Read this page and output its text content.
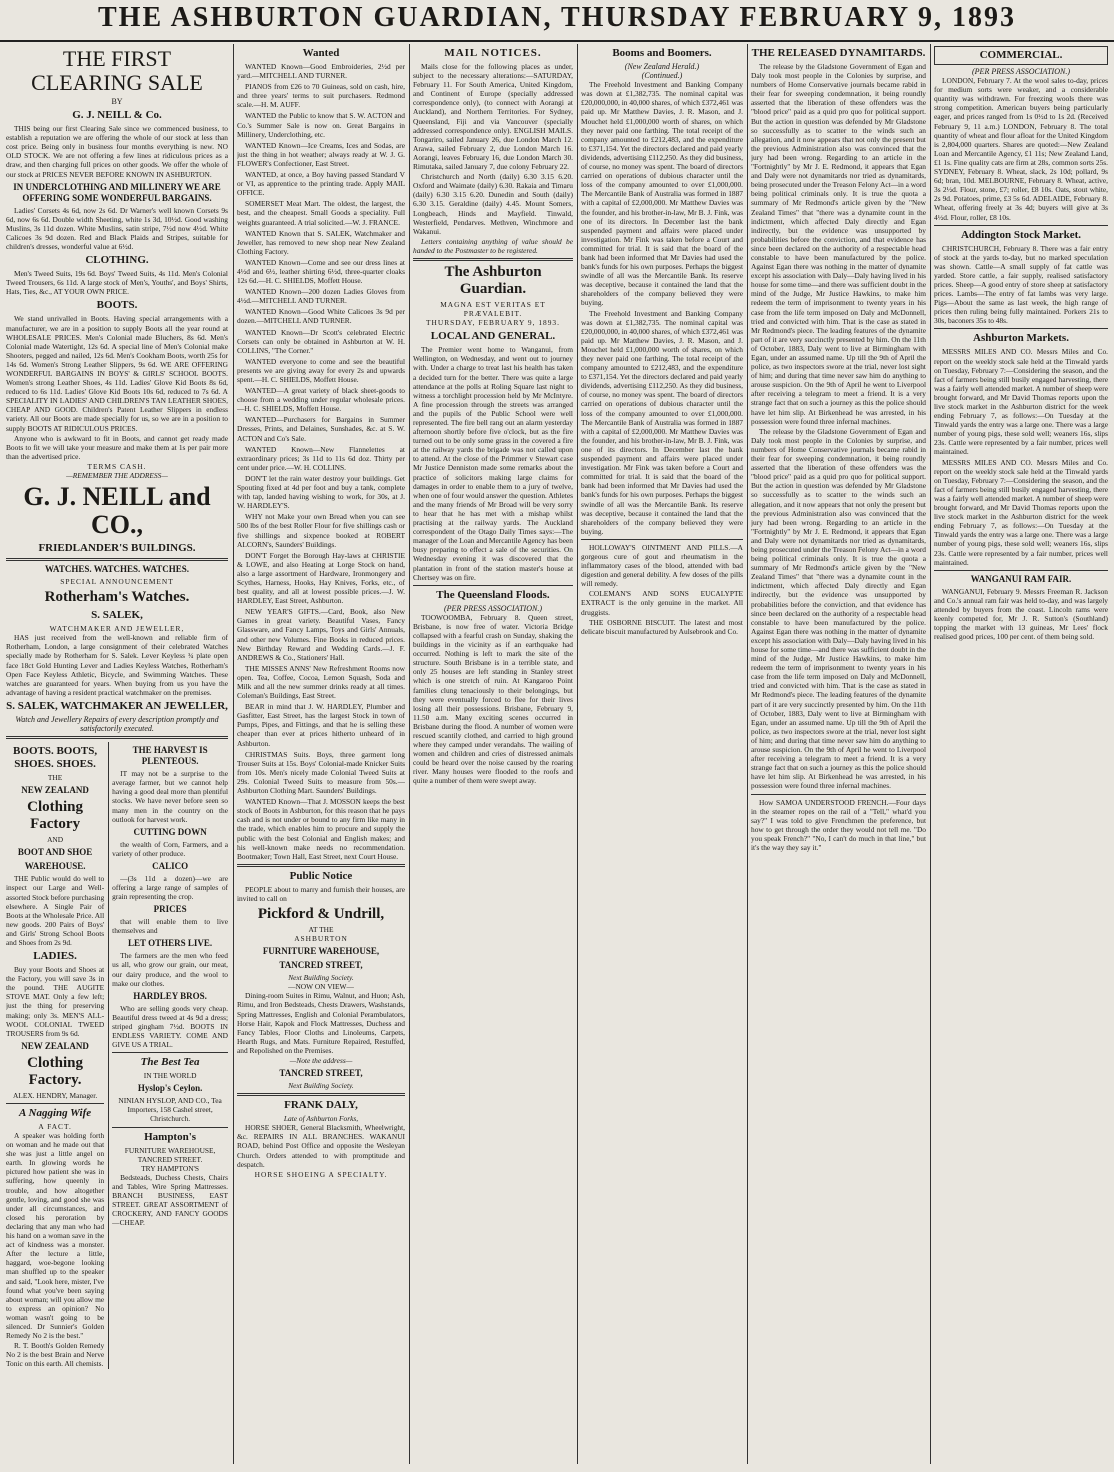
THE ASHBURTON GUARDIAN, THURSDAY FEBRUARY 9, 1893
THE FIRST CLEARING SALE
BY
G. J. NEILL & Co.

THIS being our first Clearing Sale since we commenced business, to establish a reputation we are offering the whole of our stock at less than cost price. Being only in business four months everything is new. NO OLD STOCK. We are not offering a few lines at ridiculous prices as a draw, and then charging full prices on other goods. We offer the whole of our stock at PRICES NEVER BEFORE KNOWN IN ASHBURTON.

IN UNDERCLOTHING AND MILLINERY WE ARE OFFERING SOME WONDERFUL BARGAINS.

Ladies' Corsets 4s 6d, now 2s 6d. Dr Warner's well known Corsets 9s 6d, now 6s 6d. Double width Sheeting, white 1s 3d, 10½d. Good washing Muslins, 3s 11d dozen. White Muslins, satin stripe, 7½d now 4½d. White Calicoes 3s 9d dozen. Red and Black Plaids and Stripes, suitable for children's dresses, wonderful value at 6½d.

CLOTHING.

Men's Tweed Suits, 19s 6d. Boys' Tweed Suits, 4s 11d. Men's Colonial Tweed Trousers, 6s 11d. A large stock of Men's, Youths', and Boys' Shirts, Hats, Ties, &c., AT YOUR OWN PRICE.

BOOTS.

We stand unrivalled in Boots. Having special arrangements with a manufacturer, we are in a position to supply Boots all the year round at WHOLESALE PRICES. Men's Colonial made Bluchers, 8s 6d. Men's Colonial made Watertight, 12s 6d. A special line of Men's Colonial make Shooters, pegged and nailed, 12s 6d. Men's Cookham Boots, worth 25s for 14s 6d. Women's Strong Leather Slippers, 9s 6d. WE ARE OFFERING WONDERFUL BARGAINS IN BOYS' & GIRLS' SCHOOL BOOTS. Women's strong Leather Shoes, 4s 11d. Ladies' Glove Kid Boots 8s 6d, reduced to 6s 11d. Ladies' Glove Kid Boots 10s 6d, reduced to 7s 6d. A SPECIALITY IN LADIES' AND CHILDREN'S TAN LEATHER SHOES, CHEAP AND GOOD. Children's Patent Leather Slippers in endless variety. All our Boots are made specially for us, so we are in a position to supply BOOTS AT RIDICULOUS PRICES.

Anyone who is awkward to fit in Boots, and cannot get ready made Boots to fit we will take your measure and make them at 1s per pair more than the advertised price.

TERMS CASH.
—REMEMBER THE ADDRESS—
G. J. NEILL and CO.,
FRIEDLANDER'S BUILDINGS.
WATCHES. WATCHES. WATCHES.
SPECIAL ANNOUNCEMENT
Rotherham's Watches.
S. SALEK,
WATCHMAKER AND JEWELLER,

HAS just received from the well-known and reliable firm of Rotherham, London, a large consignment of their celebrated Watches specially made by Rotherham for S. Salek. Lever Keyless ¾ plate open face 18ct Gold Hunting Lever and Ladies Keyless Watches, Rotherham's Open Face Keyless Athletic, Bicycle, and Swimming Watches. These watches are guaranteed for years. When buying from us you have the advantage of having a resident practical watchmaker on the premises.

S. SALEK, WATCHMAKER AN JEWELLER,
Watch and Jewellery Repairs of every description promptly and satisfactorily executed.
BOOTS. BOOTS, SHOES. SHOES.
THE
NEW ZEALAND
Clothing Factory
AND
BOOT AND SHOE
WAREHOUSE.

THE Public would do well to inspect our Large and Well-assorted Stock before purchasing elsewhere. A Single Pair of Boots at the Wholesale Price. All new goods. 200 Pairs of Boys' and Girls' Strong School Boots and Shoes from 2s 9d.

LADIES.

Buy your Boots and Shoes at the Factory, you will save 3s in the pound. THE AUGITE STOVE MAT. Only a few left; just the thing for preserving making; only 3s. MEN'S ALL-WOOL COLONIAL TWEED TROUSERS from 9s 6d.

NEW ZEALAND
Clothing Factory.
ALEX. HENDRY, Manager.
A Nagging Wife
A FACT.

A speaker was holding forth on woman and he made out that she was just a little angel on earth. In glowing words he pictured how patient she was in suffering, how queenly in trouble, and how altogether gentle, loving, and good she was under all circumstances, and closed his peroration by declaring that any man who had his hand on a woman save in the act of kindness was a monster. After the lecture a little, haggard, woe-begone looking man shuffled up to the speaker and said, "Look here, mister, I've found what you've been saying about woman; will you allow me to express an opinion? No woman wasn't going to be silenced. Dr Sunnier's Golden Remedy No 2 is the best."

R. T. Booth's Golden Remedy No 2 is the best Brain and Nerve Tonic on this earth. All chemists.

THE HARVEST IS PLENTEOUS.

IT may not be a surprise to the average farmer, but we cannot help having a good deal more than plentiful stocks. We have never before seen so many men in the country on the outlook for harvest work.

CUTTING DOWN

the wealth of Corn, Farmers, and a variety of other produce.

CALICO

—(3s 11d a dozen)—we are offering a large range of samples of grain representing the crop.

PRICES

that will enable them to live themselves and

LET OTHERS LIVE.

The farmers are the men who feed us all, who grow our grain, our meat, our dairy produce, and the wool to make our clothes.

HARDLEY BROS.

Who are selling goods very cheap. Beautiful dress tweed at 4s 9d a dress; striped gingham 7½d. BOOTS IN ENDLESS VARIETY. COME AND GIVE US A TRIAL.

The Best Tea
IN THE WORLD
Hyslop's Ceylon.
NINIAN HYSLOP, AND CO., Tea Importers, 158 Cashel street, Christchurch.
Hampton's
FURNITURE WAREHOUSE, TANCRED STREET.
TRY HAMPTON'S

Bedsteads, Duchess Chests, Chairs and Tables, Wire Spring Mattresses. BRANCH BUSINESS, EAST STREET. GREAT ASSORTMENT of CROCKERY, AND FANCY GOODS—CHEAP.

Wanted

WANTED Known—Good Embroideries, 2½d per yard.—MITCHELL AND TURNER.

PIANOS from £26 to 70 Guineas, sold on cash, hire, and three years' terms to suit purchasers. Redmond scale.—H. M. AUFF.

WANTED the Public to know that S. W. ACTON and Co.'s Summer Sale is now on. Great Bargains in Millinery, Underclothing, etc.

WANTED Known—Ice Creams, Ices and Sodas, are just the thing in hot weather; always ready at W. J. G. FLOWER's Confectioner, East Street.

WANTED, at once, a Boy having passed Standard V or VI, as apprentice to the printing trade. Apply MAIL OFFICE.

SOMERSET Meat Mart. The oldest, the largest, the best, and the cheapest. Small Goods a speciality. Full weights guaranteed. A trial solicited.—W. J. FRANCE.

WANTED Known that S. SALEK, Watchmaker and Jeweller, has removed to new shop near New Zealand Clothing Factory.

WANTED Known—Come and see our dress lines at 4½d and 6½, leather shirting 6½d, three-quarter cloaks 12s 6d.—H. C. SHIELDS, Moffett House.

WANTED Known—200 dozen Ladies Gloves from 4½d.—MITCHELL AND TURNER.

WANTED Known—Good White Calicoes 3s 9d per dozen.—MITCHELL AND TURNER.

WANTED Known—Dr Scott's celebrated Electric Corsets can only be obtained in Ashburton at W. H. COLLINS, "The Corner."

WANTED everyone to come and see the beautiful presents we are giving away for every 2s and upwards spent.—H. C. SHIELDS, Moffett House.

WANTED—A great variety of black sheet-goods to choose from a wedding under regular wholesale prices.—H. C. SHIELDS, Moffett House.

WANTED—Purchasers for Bargains in Summer Dresses, Prints, and Delaines, Sunshades, &c. at S. W. ACTON and Co's Sale.

WANTED Known—New Flannelettes at extraordinary prices; 3s 11d to 11s 6d doz. Thirty per cent under price.—W. H. COLLINS.

DON'T let the rain water destroy your buildings. Get Spouting fixed at 4d per foot and buy a tank, complete with tap, landed having wishing to work, for 30s, at J. W. HARDLEY'S.

WHY not Make your own Bread when you can see 500 lbs of the best Roller Flour for five shillings cash or five shillings and sixpence booked at ROBERT ALCORN's, Saunders' Buildings.

DON'T Forget the Borough Hay-laws at CHRISTIE & LOWE, and also Heating at Lorge Stock on hand, also a large assortment of Hardware, Ironmongery and Scythes, Harness, Hooks, Hay Knives, Forks, etc., of best quality, and all at lowest possible prices.—J. W. HARDLEY, East Street, Ashburton.

NEW YEAR'S GIFTS.—Card, Book, also New Games in great variety. Beautiful Vases, Fancy Glassware, and Fancy Lamps, Toys and Girls' Annuals, and other new Volumes. Fine Books in reduced prices. New Birthday Reward and Wedding Cards.—J. F. ANDREWS & Co., Stationers' Hall.

THE MISSES ANNS' New Refreshment Rooms now open. Tea, Coffee, Cocoa, Lemon Squash, Soda and Milk and all the new summer drinks ready at all times. Coleman's Buildings, East Street.

BEAR in mind that J. W. HARDLEY, Plumber and Gasfitter, East Street, has the largest Stock in town of Pumps, Pipes, and Fittings, and that he is selling these cheaper than ever at prices hitherto unheard of in Ashburton.

CHRISTMAS Suits. Boys, three garment long Trouser Suits at 15s. Boys' Colonial-made Knicker Suits from 10s. Men's nicely made Colonial Tweed Suits at 29s. Colonial Tweed Suits to measure from 50s.—Ashburton Clothing Mart. Saunders' Buildings.

WANTED Known—That J. MOSSON keeps the best stock of Boots in Ashburton, for this reason that he pays cash and is not under or bound to any firm like many in the trade, which enables him to procure and supply the public with the best Colonial and English makes; and his well-known make needs no recommendation. Bootmaker; Town Hall, East Street, next Court House.

Public Notice

PEOPLE about to marry and furnish their houses, are invited to call on

Pickford & Undrill,
AT THE
ASHBURTON
FURNITURE WAREHOUSE,
TANCRED STREET,
Next Building Society.
—NOW ON VIEW—

Dining-room Suites in Rimu, Walnut, and Huon; Ash, Rimu, and Iron Bedsteads, Chests Drawers, Washstands, Spring Mattresses, English and Colonial Perambulators, Horse Hair, Kapok and Flock Mattresses, Duchess and Fancy Tables, Floor Cloths and Linoleums, Carpets, Hearth Rugs, and Mats. Furniture Repaired, Restuffed, and Repolished on the Premises.

—Note the address—
TANCRED STREET,
Next Building Society.
FRANK DALY,
Late of Ashburton Forks,

HORSE SHOER, General Blacksmith, Wheelwright, &c. REPAIRS IN ALL BRANCHES. WAKANUI ROAD, behind Post Office and opposite the Wesleyan Church. Orders attended to with promptitude and despatch.

HORSE SHOEING A SPECIALTY.
MAIL NOTICES.

Mails close for the following places as under, subject to the necessary alterations:—SATURDAY, February 11. For South America, United Kingdom, and Continent of Europe (specially addressed correspondence only), (to connect with Aorangi at Auckland), and Northern Territories. For Sydney, Queensland, Fiji and via Vancouver (specially addressed correspondence only). ENGLISH MAILS. Tongariro, sailed January 26, due London March 12. Arawa, sailed February 2, due London March 16. Aorangi, leaves February 16, due London March 30. Rimutaka, sailed January 7, due colony February 22.

Christchurch and North (daily) 6.30 3.15 6.20. Oxford and Waimate (daily) 6.30. Rakaia and Timaru (daily) 6.30 3.15 6.20. Dunedin and South (daily) 6.30 3.15. Geraldine (daily) 4.45. Mount Somers, Longbeach, Hinds and Mayfield. Tinwald, Westerfield, Pendarves. Methven, Winchmore and Wakanui.

Letters containing anything of value should be handed to the Postmaster to be registered.

The Ashburton Guardian.
MAGNA EST VERITAS ET PRÆVALEBIT.
THURSDAY, FEBRUARY 9, 1893.
LOCAL AND GENERAL.

The Premier went home to Wanganui, from Wellington, on Wednesday, and went out to journey with. Under a charge to treat last his health has taken a decided turn for the better. There was quite a large attendance at the polls at Roling Square last night to witness a torchlight procession held by Mr McIntyre. A fine procession through the streets was arranged and the pupils of the Public School were well represented. The fire bell rang out an alarm yesterday afternoon shortly before five o'clock, but as the fire turned out to be only some grass in the covered a fire at the railway yards the brigade was not called upon to attend. At the close of the Primmer v Stewart case Mr Justice Denniston made some remarks about the practice of solicitors making large claims for damages in order to enable them to a jury of twelve, when one of four would answer the question. Athletes and the many friends of Mr Broad will be very sorry to hear that he has met with a mishap whilst practising at the railway yards. The Auckland correspondent of the Otago Daily Times says:—The manager of the Loan and Mercantile Agency has been busy preparing to effect a sale of the securities. On Wednesday evening it was discovered that the plantation in front of the station master's house at Chertsey was on fire.

The Queensland Floods.
(PER PRESS ASSOCIATION.)

TOOWOOMBA, February 8. Queen street, Brisbane, is now free of water. Victoria Bridge collapsed with a fearful crash on Sunday, shaking the buildings in the vicinity as if an earthquake had occurred. Nothing is left to mark the site of the structure. South Brisbane is in a terrible state, and only 25 houses are left standing in Stanley street which is one stretch of ruin. At Kangaroo Point families clung tenaciously to their belongings, but they were eventually forced to flee for their lives losing all their possessions. Brisbane, February 9, 11.50 a.m. Many exciting scenes occurred in Brisbane during the flood. A number of women were rescued scantily clothed, and carried to high ground where they camped under verandahs. The wailing of women and children and cries of distressed animals could be heard over the noise caused by the roaring river. Many houses were flooded to the roofs and quite a number of them were swept away.

Booms and Boomers.
(New Zealand Herald.)
(Continued.)

The Freehold Investment and Banking Company was down at £1,382,735. The nominal capital was £20,000,000, in 40,000 shares, of which £372,461 was paid up. Mr Matthew Davies, J. R. Mason, and J. Mouchet held £1,000,000 worth of shares, on which they never paid one farthing. The total receipt of the company amounted to £212,483, and the expenditure to £371,154. Yet the directors declared and paid yearly dividends, advertising £112,250. As they did business, of course, no money was spent. The board of directors carried on operations of dubious character until the loss of the company amounted to over £1,000,000. The Mercantile Bank of Australia was formed in 1887 with a capital of £2,000,000. Mr Matthew Davies was the founder, and his brother-in-law, Mr B. J. Fink, was one of its directors. In December last the bank suspended payment and affairs were placed under investigation. Mr Fink was taken before a Court and committed for trial. It is said that the board of the bank had been informed that Mr Davies had used the bank's funds for his own purposes. Perhaps the biggest swindle of all was the Mercantile Bank. Its reserve was deceptive, because it contained the land that the shareholders of the company believed they were buying.

The Freehold Investment and Banking Company was down at £1,382,735. The nominal capital was £20,000,000, in 40,000 shares, of which £372,461 was paid up. Mr Matthew Davies, J. R. Mason, and J. Mouchet held £1,000,000 worth of shares, on which they never paid one farthing. The total receipt of the company amounted to £212,483, and the expenditure to £371,154. Yet the directors declared and paid yearly dividends, advertising £112,250. As they did business, of course, no money was spent. The board of directors carried on operations of dubious character until the loss of the company amounted to over £1,000,000. The Mercantile Bank of Australia was formed in 1887 with a capital of £2,000,000. Mr Matthew Davies was the founder, and his brother-in-law, Mr B. J. Fink, was one of its directors. In December last the bank suspended payment and affairs were placed under investigation. Mr Fink was taken before a Court and committed for trial. It is said that the board of the bank had been informed that Mr Davies had used the bank's funds for his own purposes. Perhaps the biggest swindle of all was the Mercantile Bank. Its reserve was deceptive, because it contained the land that the shareholders of the company believed they were buying.

HOLLOWAY'S OINTMENT AND PILLS.—A gorgeous cure of gout and rheumatism in the inflammatory cases of the blood, attended with bad digestion and general debility. A few doses of the pills will remedy.

COLEMAN'S AND SONS EUCALYPTE EXTRACT is the only genuine in the market. All druggists.

THE OSBORNE BISCUIT. The latest and most delicate biscuit manufactured by Aulsebrook and Co.

THE RELEASED DYNAMITARDS.

The release by the Gladstone Government of Egan and Daly took most people in the Colonies by surprise, and numbers of Home Conservative journals became rabid in their fear for sweeping condemnation, it being roundly asserted that the liberation of these offenders was the "blood price" paid as a quid pro quo for political support. But the action in question was defended by Mr Gladstone so successfully as to scatter to the winds such an allegation, and it now appears that not only the present but the previous Administration also was convinced that the jury had been wrong. Regarding to an article in the "Fortnightly" by Mr J. E. Redmond, it appears that Egan and Daly were not dynamitards nor tried as dynamitards, being prosecuted under the Treason Felony Act—in a word being political criminals only. It is true the quota a summary of Mr Redmond's article given by the "New Zealand Times" that "there was a dynamite count in the indictment, which affected Daly directly and Egan indirectly, but the evidence was unsupported by probabilities before the conviction, and that evidence has since been declared on the authority of a respectable head constable to have been manufactured by the police. Against Egan there was nothing in the matter of dynamite except his association with Daly—Daly having lived in his house for some time—and there was sufficient doubt in the mind of the Judge, Mr Justice Hawkins, to make him redeem the term of imprisonment to twenty years in his case from the life term imposed on Daly and McDonnell, tried and convicted with him. That is the case as stated in Mr Redmond's piece. The leading features of the dynamite part of it are very succinctly presented by him. On the 11th of October, 1883, Daly went to live at Birmingham with Egan, under an assumed name. Up till the 9th of April the police, as two inspectors swore at the trial, never lost sight of him; and during that time never saw him do anything to arouse suspicion. On the 9th of April he went to Liverpool after receiving a telegram to meet a friend. It is a very strange fact that on such a journey as this the police should have let him slip. At Birkenhead he was arrested, in his possession were found three infernal machines.

The release by the Gladstone Government of Egan and Daly took most people in the Colonies by surprise, and numbers of Home Conservative journals became rabid in their fear for sweeping condemnation, it being roundly asserted that the liberation of these offenders was the "blood price" paid as a quid pro quo for political support. But the action in question was defended by Mr Gladstone so successfully as to scatter to the winds such an allegation, and it now appears that not only the present but the previous Administration also was convinced that the jury had been wrong. Regarding to an article in the "Fortnightly" by Mr J. E. Redmond, it appears that Egan and Daly were not dynamitards nor tried as dynamitards, being prosecuted under the Treason Felony Act—in a word being political criminals only. It is true the quota a summary of Mr Redmond's article given by the "New Zealand Times" that "there was a dynamite count in the indictment, which affected Daly directly and Egan indirectly, but the evidence was unsupported by probabilities before the conviction, and that evidence has since been declared on the authority of a respectable head constable to have been manufactured by the police. Against Egan there was nothing in the matter of dynamite except his association with Daly—Daly having lived in his house for some time—and there was sufficient doubt in the mind of the Judge, Mr Justice Hawkins, to make him redeem the term of imprisonment to twenty years in his case from the life term imposed on Daly and McDonnell, tried and convicted with him. That is the case as stated in Mr Redmond's piece. The leading features of the dynamite part of it are very succinctly presented by him. On the 11th of October, 1883, Daly went to live at Birmingham with Egan, under an assumed name. Up till the 9th of April the police, as two inspectors swore at the trial, never lost sight of him; and during that time never saw him do anything to arouse suspicion. On the 9th of April he went to Liverpool after receiving a telegram to meet a friend. It is a very strange fact that on such a journey as this the police should have let him slip. At Birkenhead he was arrested, in his possession were found three infernal machines.

How SAMOA UNDERSTOOD FRENCH.—Four days in the steamer ropes on the rail of a "Tell," what'd you say?" I was told to give Frenchmen the preference, but how to get through the order they would not tell me. "Do you speak French?" "No, I can't do much in that line," but it's the way they say it."

COMMERCIAL.
(PER PRESS ASSOCIATION.)

LONDON, February 7. At the wool sales to-day, prices for medium sorts were weaker, and a considerable quantity was withdrawn. For freezing wools there was strong competition. American buyers being particularly eager, and prices ranged from 1s 0½d to 1s 2d. (Received February 9, 11 a.m.) LONDON, February 8. The total quantity of wheat and flour afloat for the United Kingdom is 2,804,000 quarters. Shares are quoted:—New Zealand Loan and Mercantile Agency, £1 11s; New Zealand Land, £1 1s. Fine quality cats are firm at 28s, common sorts 25s. SYDNEY, February 8. Wheat, slack, 2s 10d; pollard, 9s 6d; bran, 10d. MELBOURNE, February 8. Wheat, active, 3s 2½d. Flour, stone, £7; roller, £8 10s. Oats, stout white, 2s 9d. Potatoes, prime, £3 5s 6d. ADELAIDE, February 8. Wheat, offering freely at 3s 4d; buyers will give at 3s 4½d. Flour, roller, £8 10s.

Addington Stock Market.

CHRISTCHURCH, February 8. There was a fair entry of stock at the yards to-day, but no marked speculation was shown. Cattle—A small supply of fat cattle was yarded. Store cattle, a fair supply, realised satisfactory prices. Sheep—A good entry of store sheep at satisfactory prices. Lambs—The entry of fat lambs was very large. Pigs—About the same as last week, the high range of prices then ruling being fully maintained. Porkers 21s to 30s, baconers 35s to 48s.

Ashburton Markets.

MESSRS MILES AND CO. Messrs Miles and Co. report on the weekly stock sale held at the Tinwald yards on Tuesday, February 7:—Considering the season, and the fact of farmers being still busily engaged harvesting, there was a fairly well attended market. A number of sheep were brought forward, and Mr David Thomas reports upon the live stock market in the Ashburton district for the week ending February 7, as follows:—On Tuesday at the Tinwald yards the entry was a large one. There was a large number of young pigs, these sold well; weaners 16s, slips 23s. Cattle were represented by a fair number, prices well maintained.

MESSRS MILES AND CO. Messrs Miles and Co. report on the weekly stock sale held at the Tinwald yards on Tuesday, February 7:—Considering the season, and the fact of farmers being still busily engaged harvesting, there was a fairly well attended market. A number of sheep were brought forward, and Mr David Thomas reports upon the live stock market in the Ashburton district for the week ending February 7, as follows:—On Tuesday at the Tinwald yards the entry was a large one. There was a large number of young pigs, these sold well; weaners 16s, slips 23s. Cattle were represented by a fair number, prices well maintained.

WANGANUI RAM FAIR.

WANGANUI, February 9. Messrs Freeman R. Jackson and Co.'s annual ram fair was held to-day, and was largely attended by buyers from the coast. Lincoln rams were keenly competed for, Mr J. R. Sutton's (Southland) topping the market with 13 guineas, Mr Lees' flock realised good prices, 100 per cent. of them being sold.
